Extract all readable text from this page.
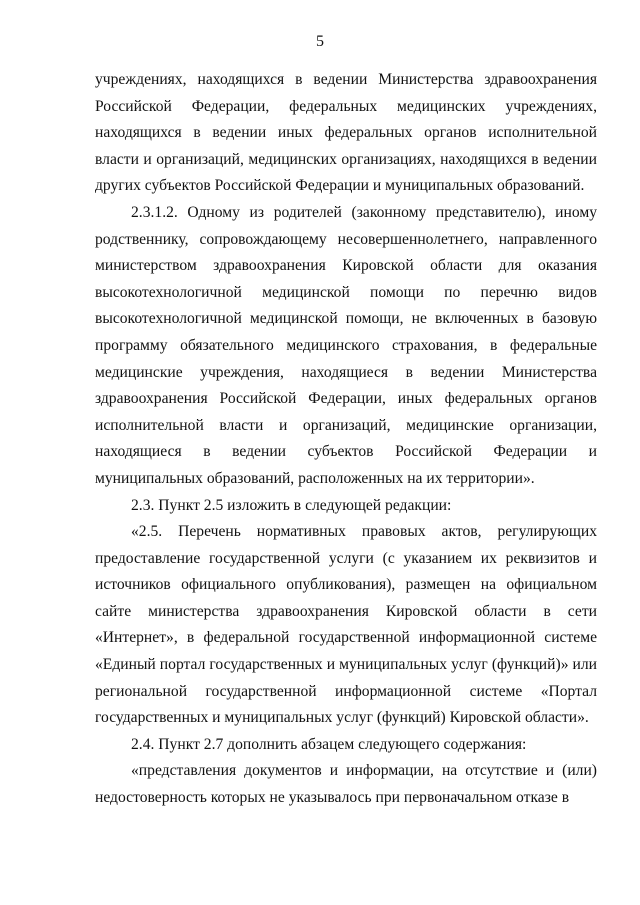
5

учреждениях, находящихся в ведении Министерства здравоохранения Российской Федерации, федеральных медицинских учреждениях, находящихся в ведении иных федеральных органов исполнительной власти и организаций, медицинских организациях, находящихся в ведении других субъектов Российской Федерации и муниципальных образований.

2.3.1.2. Одному из родителей (законному представителю), иному родственнику, сопровождающему несовершеннолетнего, направленного министерством здравоохранения Кировской области для оказания высокотехнологичной медицинской помощи по перечню видов высокотехнологичной медицинской помощи, не включенных в базовую программу обязательного медицинского страхования, в федеральные медицинские учреждения, находящиеся в ведении Министерства здравоохранения Российской Федерации, иных федеральных органов исполнительной власти и организаций, медицинские организации, находящиеся в ведении субъектов Российской Федерации и муниципальных образований, расположенных на их территории».

2.3. Пункт 2.5 изложить в следующей редакции:

«2.5. Перечень нормативных правовых актов, регулирующих предоставление государственной услуги (с указанием их реквизитов и источников официального опубликования), размещен на официальном сайте министерства здравоохранения Кировской области в сети «Интернет», в федеральной государственной информационной системе «Единый портал государственных и муниципальных услуг (функций)» или региональной государственной информационной системе «Портал государственных и муниципальных услуг (функций) Кировской области».

2.4. Пункт 2.7 дополнить абзацем следующего содержания:

«представления документов и информации, на отсутствие и (или) недостоверность которых не указывалось при первоначальном отказе в
